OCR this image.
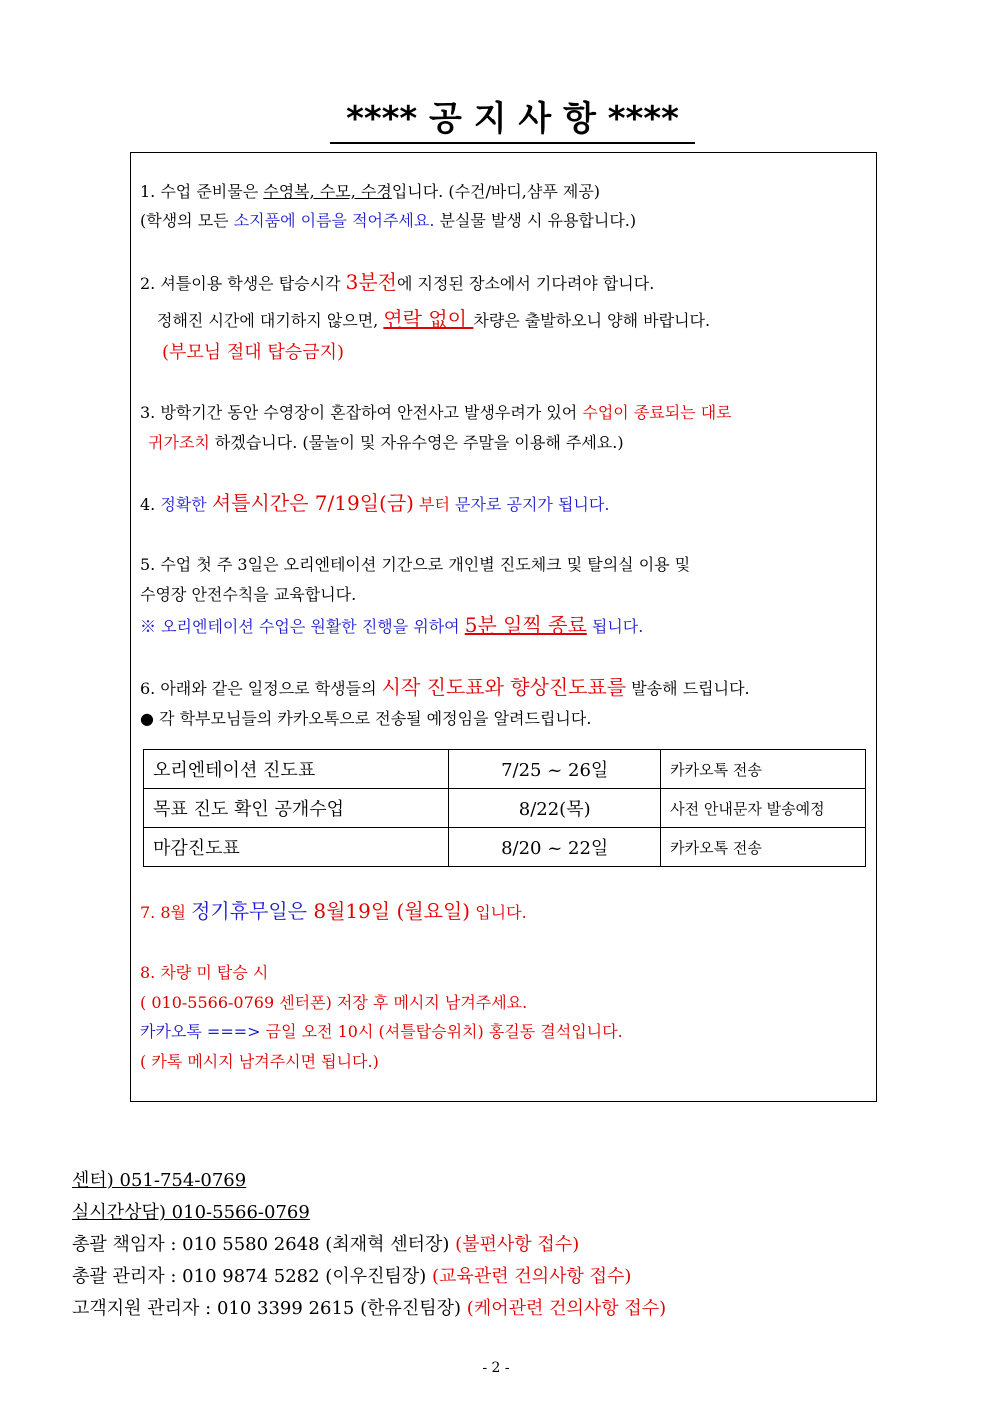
**** 공 지 사 항 ****
1. 수업 준비물은 수영복, 수모, 수경입니다. (수건/바디,샴푸 제공)
(학생의 모든 소지품에 이름을 적어주세요. 분실물 발생 시 유용합니다.)
2. 셔틀이용 학생은 탑승시각 3분전에 지정된 장소에서 기다려야 합니다.
정해진 시간에 대기하지 않으면, 연락 없이 차량은 출발하오니 양해 바랍니다.
(부모님 절대 탑승금지)
3. 방학기간 동안 수영장이 혼잡하여 안전사고 발생우려가 있어 수업이 종료되는 대로
귀가조치 하겠습니다. (물놀이 및 자유수영은 주말을 이용해 주세요.)
4. 정확한 셔틀시간은 7/19일(금) 부터 문자로 공지가 됩니다.
5. 수업 첫 주 3일은 오리엔테이션 기간으로 개인별 진도체크 및 탈의실 이용 및
수영장 안전수칙을 교육합니다.
※ 오리엔테이션 수업은 원활한 진행을 위하여 5분 일찍 종료 됩니다.
6. 아래와 같은 일정으로 학생들의 시작 진도표와 향상진도표를 발송해 드립니다.
● 각 학부모님들의 카카오톡으로 전송될 예정임을 알려드립니다.
오리엔테이션 진도표	7/25 ~ 26일	카카오톡 전송
목표 진도 확인 공개수업	8/22(목)	사전 안내문자 발송예정
마감진도표	8/20 ~ 22일	카카오톡 전송
7. 8월 정기휴무일은 8월19일 (월요일) 입니다.
8. 차량 미 탑승 시
( 010-5566-0769 센터폰) 저장 후 메시지 남겨주세요.
카카오톡 ===> 금일 오전 10시 (셔틀탑승위치) 홍길동 결석입니다.
( 카톡 메시지 남겨주시면 됩니다.)
센터) 051-754-0769
실시간상담) 010-5566-0769
총괄 책임자 : 010 5580 2648 (최재혁 센터장) (불편사항 접수)
총괄 관리자 : 010 9874 5282 (이우진팀장) (교육관련 건의사항 접수)
고객지원 관리자 : 010 3399 2615 (한유진팀장) (케어관련 건의사항 접수)
- 2 -
